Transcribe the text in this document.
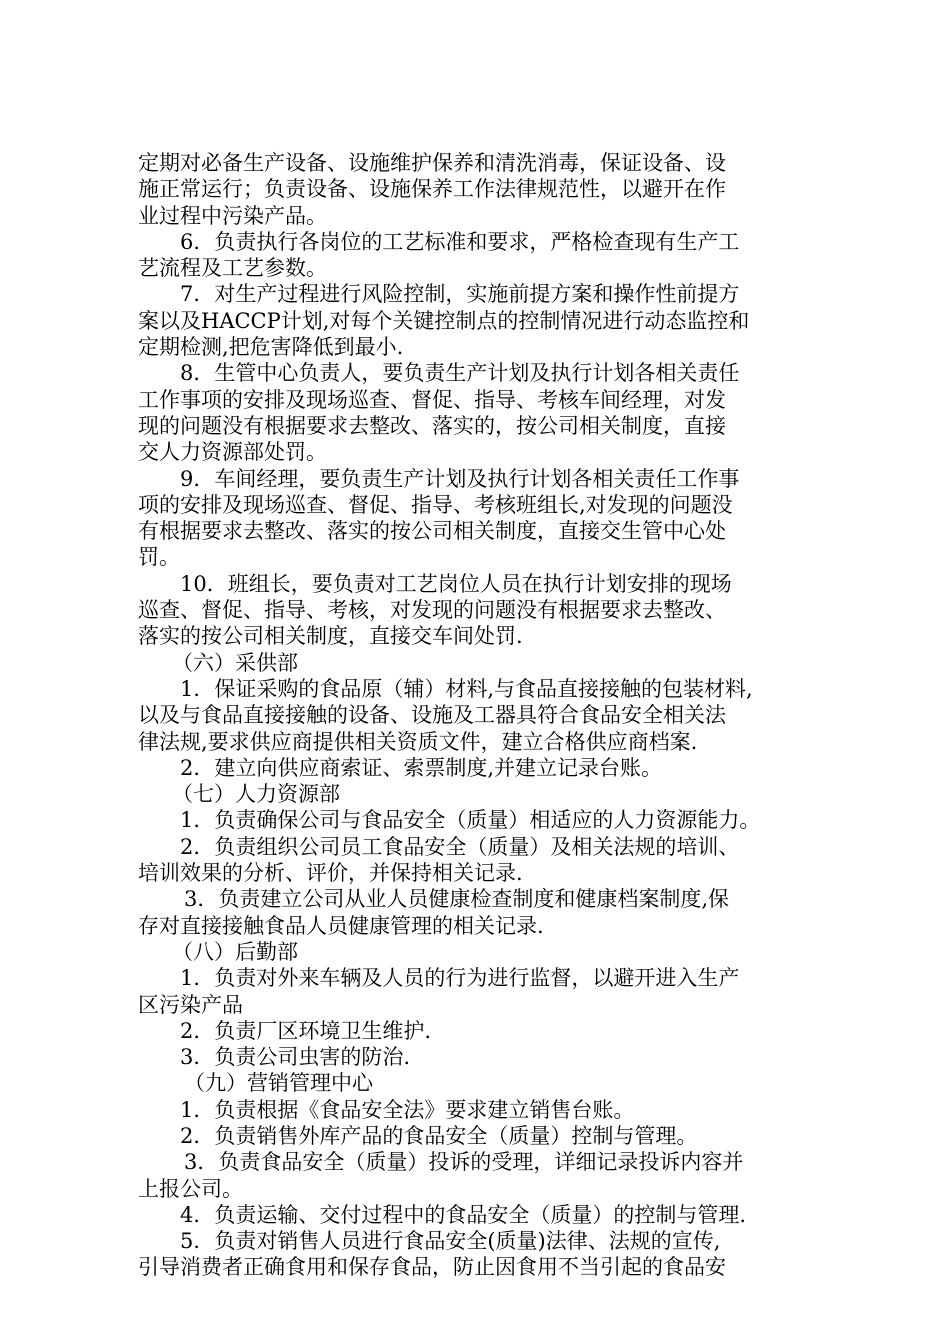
定期对必备生产设备、设施维护保养和清洗消毒，保证设备、设
施正常运行；负责设备、设施保养工作法律规范性，以避开在作
业过程中污染产品。
6．负责执行各岗位的工艺标准和要求，严格检查现有生产工
艺流程及工艺参数。
7．对生产过程进行风险控制，实施前提方案和操作性前提方
案以及HACCP计划,对每个关键控制点的控制情况进行动态监控和
定期检测,把危害降低到最小.
8．生管中心负责人，要负责生产计划及执行计划各相关责任
工作事项的安排及现场巡查、督促、指导、考核车间经理，对发
现的问题没有根据要求去整改、落实的，按公司相关制度，直接
交人力资源部处罚。
9．车间经理，要负责生产计划及执行计划各相关责任工作事
项的安排及现场巡查、督促、指导、考核班组长,对发现的问题没
有根据要求去整改、落实的按公司相关制度，直接交生管中心处
罚。
10．班组长，要负责对工艺岗位人员在执行计划安排的现场
巡查、督促、指导、考核，对发现的问题没有根据要求去整改、
落实的按公司相关制度，直接交车间处罚.
（六）采供部
1．保证采购的食品原（辅）材料,与食品直接接触的包装材料,
以及与食品直接接触的设备、设施及工器具符合食品安全相关法
律法规,要求供应商提供相关资质文件，建立合格供应商档案.
2．建立向供应商索证、索票制度,并建立记录台账。
（七）人力资源部
1．负责确保公司与食品安全（质量）相适应的人力资源能力。
2．负责组织公司员工食品安全（质量）及相关法规的培训、
培训效果的分析、评价，并保持相关记录.
3．负责建立公司从业人员健康检查制度和健康档案制度,保
存对直接接触食品人员健康管理的相关记录.
（八）后勤部
1．负责对外来车辆及人员的行为进行监督，以避开进入生产
区污染产品
2．负责厂区环境卫生维护.
3．负责公司虫害的防治.
（九）营销管理中心
1．负责根据《食品安全法》要求建立销售台账。
2．负责销售外库产品的食品安全（质量）控制与管理。
3．负责食品安全（质量）投诉的受理，详细记录投诉内容并
上报公司。
4．负责运输、交付过程中的食品安全（质量）的控制与管理.
5．负责对销售人员进行食品安全(质量)法律、法规的宣传,
引导消费者正确食用和保存食品，防止因食用不当引起的食品安
